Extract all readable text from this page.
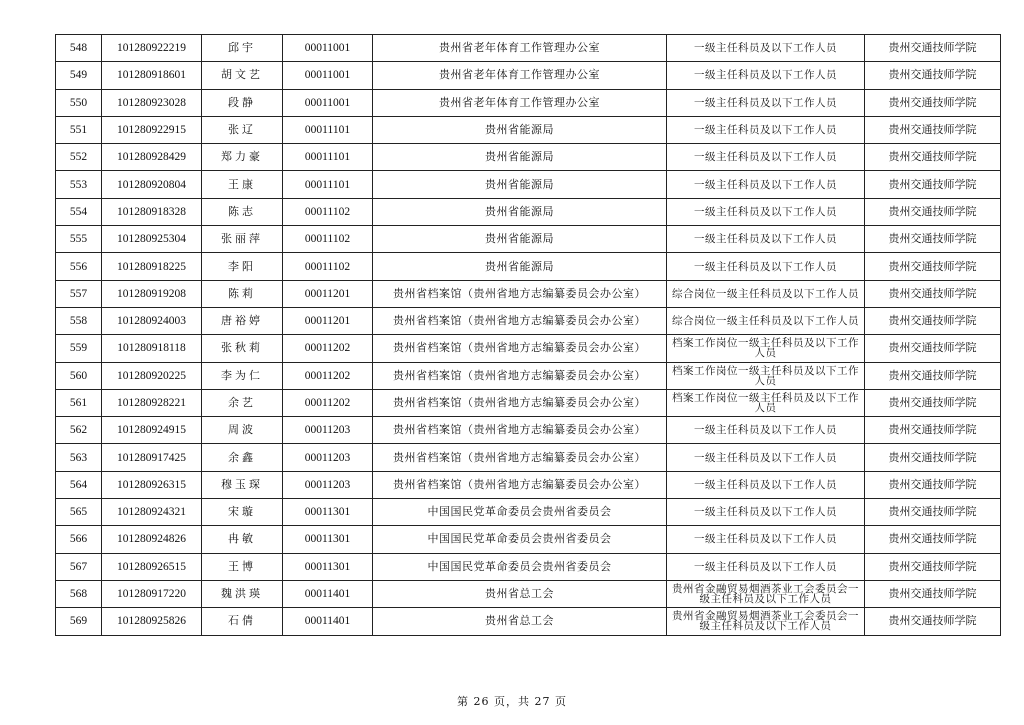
548	101280922219	邱宇	00011001	贵州省老年体育工作管理办公室	一级主任科员及以下工作人员	贵州交通技师学院
549	101280918601	胡文艺	00011001	贵州省老年体育工作管理办公室	一级主任科员及以下工作人员	贵州交通技师学院
550	101280923028	段静	00011001	贵州省老年体育工作管理办公室	一级主任科员及以下工作人员	贵州交通技师学院
551	101280922915	张辽	00011101	贵州省能源局	一级主任科员及以下工作人员	贵州交通技师学院
552	101280928429	郑力豪	00011101	贵州省能源局	一级主任科员及以下工作人员	贵州交通技师学院
553	101280920804	王康	00011101	贵州省能源局	一级主任科员及以下工作人员	贵州交通技师学院
554	101280918328	陈志	00011102	贵州省能源局	一级主任科员及以下工作人员	贵州交通技师学院
555	101280925304	张丽萍	00011102	贵州省能源局	一级主任科员及以下工作人员	贵州交通技师学院
556	101280918225	李阳	00011102	贵州省能源局	一级主任科员及以下工作人员	贵州交通技师学院
557	101280919208	陈莉	00011201	贵州省档案馆（贵州省地方志编纂委员会办公室）	综合岗位一级主任科员及以下工作人员	贵州交通技师学院
558	101280924003	唐裕婷	00011201	贵州省档案馆（贵州省地方志编纂委员会办公室）	综合岗位一级主任科员及以下工作人员	贵州交通技师学院
559	101280918118	张秋莉	00011202	贵州省档案馆（贵州省地方志编纂委员会办公室）	档案工作岗位一级主任科员及以下工作人员	贵州交通技师学院
560	101280920225	李为仁	00011202	贵州省档案馆（贵州省地方志编纂委员会办公室）	档案工作岗位一级主任科员及以下工作人员	贵州交通技师学院
561	101280928221	余艺	00011202	贵州省档案馆（贵州省地方志编纂委员会办公室）	档案工作岗位一级主任科员及以下工作人员	贵州交通技师学院
562	101280924915	周波	00011203	贵州省档案馆（贵州省地方志编纂委员会办公室）	一级主任科员及以下工作人员	贵州交通技师学院
563	101280917425	余鑫	00011203	贵州省档案馆（贵州省地方志编纂委员会办公室）	一级主任科员及以下工作人员	贵州交通技师学院
564	101280926315	穆玉琛	00011203	贵州省档案馆（贵州省地方志编纂委员会办公室）	一级主任科员及以下工作人员	贵州交通技师学院
565	101280924321	宋璇	00011301	中国国民党革命委员会贵州省委员会	一级主任科员及以下工作人员	贵州交通技师学院
566	101280924826	冉敏	00011301	中国国民党革命委员会贵州省委员会	一级主任科员及以下工作人员	贵州交通技师学院
567	101280926515	王博	00011301	中国国民党革命委员会贵州省委员会	一级主任科员及以下工作人员	贵州交通技师学院
568	101280917220	魏洪瑛	00011401	贵州省总工会	贵州省金融贸易烟酒茶业工会委员会一级主任科员及以下工作人员	贵州交通技师学院
569	101280925826	石倩	00011401	贵州省总工会	贵州省金融贸易烟酒茶业工会委员会一级主任科员及以下工作人员	贵州交通技师学院
第 26 页，共 27 页
